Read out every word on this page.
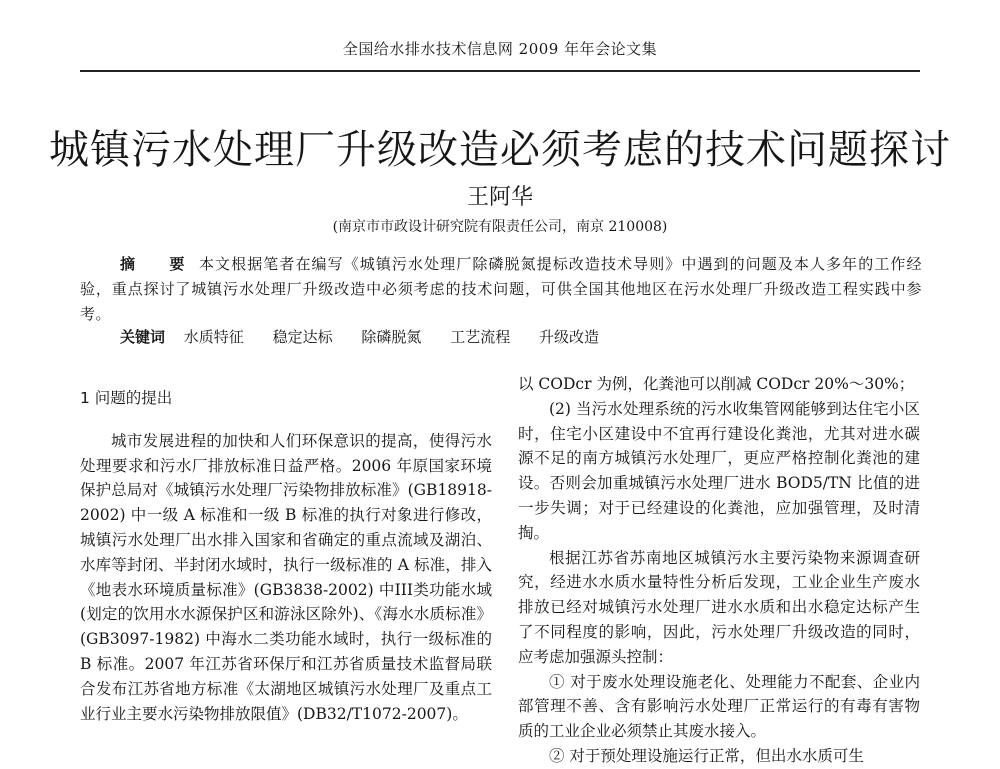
全国给水排水技术信息网 2009 年年会论文集
城镇污水处理厂升级改造必须考虑的技术问题探讨
王阿华
(南京市市政设计研究院有限责任公司，南京 210008)
摘 要本文根据笔者在编写《城镇污水处理厂除磷脱氮提标改造技术导则》中遇到的问题及本人多年的工作经验，重点探讨了城镇污水处理厂升级改造中必须考虑的技术问题，可供全国其他地区在污水处理厂升级改造工程实践中参考。
关键词 水质特征 稳定达标 除磷脱氮 工艺流程 升级改造
1 问题的提出

城市发展进程的加快和人们环保意识的提高，使得污水处理要求和污水厂排放标准日益严格。2006 年原国家环境保护总局对《城镇污水处理厂污染物排放标准》(GB18918-2002) 中一级 A 标准和一级 B 标准的执行对象进行修改，城镇污水处理厂出水排入国家和省确定的重点流域及湖泊、水库等封闭、半封闭水域时，执行一级标准的 A 标准，排入《地表水环境质量标准》(GB3838-2002) 中III类功能水域(划定的饮用水水源保护区和游泳区除外)、《海水水质标准》(GB3097-1982) 中海水二类功能水域时，执行一级标准的 B 标准。2007 年江苏省环保厅和江苏省质量技术监督局联合发布江苏省地方标准《太湖地区城镇污水处理厂及重点工业行业主要水污染物排放限值》(DB32/T1072-2007)。

以 CODcr 为例，化粪池可以削减 CODcr 20%～30%；

(2) 当污水处理系统的污水收集管网能够到达住宅小区时，住宅小区建设中不宜再行建设化粪池，尤其对进水碳源不足的南方城镇污水处理厂，更应严格控制化粪池的建设。否则会加重城镇污水处理厂进水 BOD5/TN 比值的进一步失调；对于已经建设的化粪池，应加强管理，及时清掏。

根据江苏省苏南地区城镇污水主要污染物来源调查研究，经进水水质水量特性分析后发现，工业企业生产废水排放已经对城镇污水处理厂进水水质和出水稳定达标产生了不同程度的影响，因此，污水处理厂升级改造的同时，应考虑加强源头控制：

① 对于废水处理设施老化、处理能力不配套、企业内部管理不善、含有影响污水处理厂正常运行的有毒有害物质的工业企业必须禁止其废水接入。

② 对于预处理设施运行正常，但出水水质可生
